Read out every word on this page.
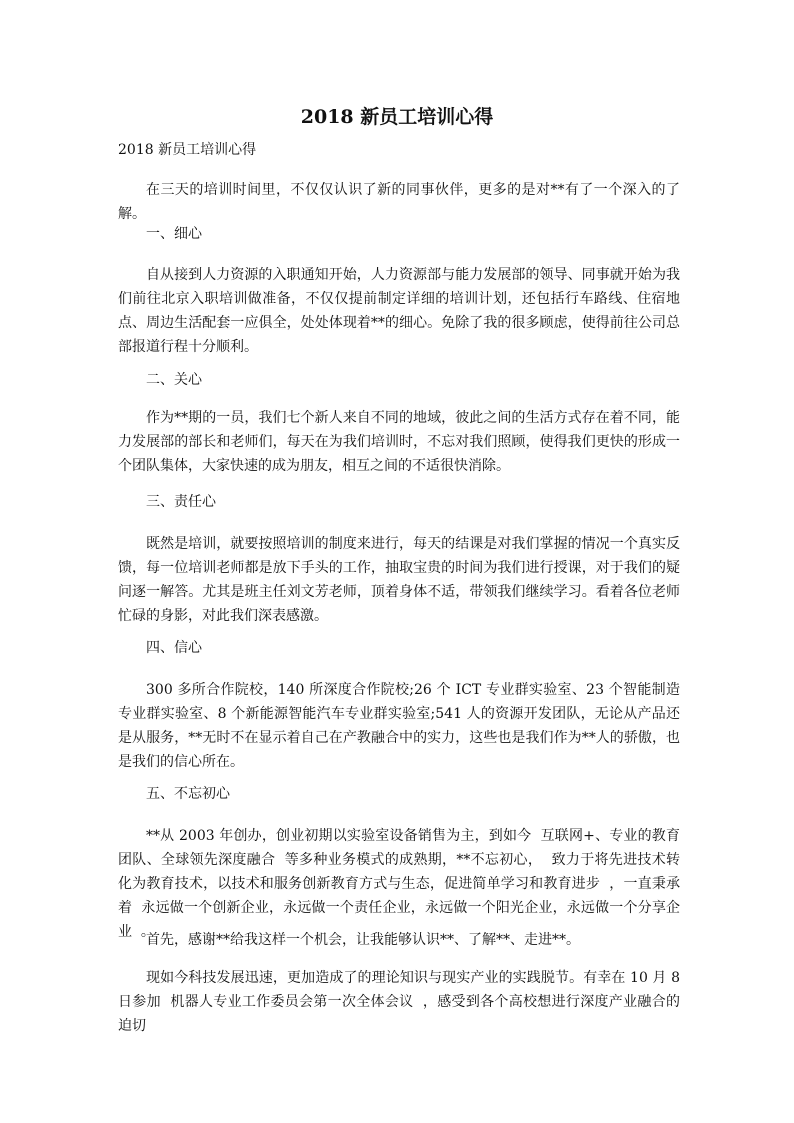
2018 新员工培训心得
2018 新员工培训心得

在三天的培训时间里，不仅仅认识了新的同事伙伴，更多的是对**有了一个深入的了解。

一、细心

自从接到人力资源的入职通知开始，人力资源部与能力发展部的领导、同事就开始为我们前往北京入职培训做准备，不仅仅提前制定详细的培训计划，还包括行车路线、住宿地点、周边生活配套一应俱全，处处体现着**的细心。免除了我的很多顾虑，使得前往公司总部报道行程十分顺利。

二、关心

作为**期的一员，我们七个新人来自不同的地域，彼此之间的生活方式存在着不同，能力发展部的部长和老师们，每天在为我们培训时，不忘对我们照顾，使得我们更快的形成一个团队集体，大家快速的成为朋友，相互之间的不适很快消除。

三、责任心

既然是培训，就要按照培训的制度来进行，每天的结课是对我们掌握的情况一个真实反馈，每一位培训老师都是放下手头的工作，抽取宝贵的时间为我们进行授课，对于我们的疑问逐一解答。尤其是班主任刘文芳老师，顶着身体不适，带领我们继续学习。看着各位老师忙碌的身影，对此我们深表感激。

四、信心

300 多所合作院校，140 所深度合作院校;26 个 ICT 专业群实验室、23 个智能制造专业群实验室、8 个新能源智能汽车专业群实验室;541 人的资源开发团队，无论从产品还是从服务，**无时不在显示着自己在产教融合中的实力，这些也是我们作为**人的骄傲，也是我们的信心所在。

五、不忘初心

**从 2003 年创办，创业初期以实验室设备销售为主，到如今  互联网+、专业的教育团队、全球领先深度融合  等多种业务模式的成熟期，**不忘初心，  致力于将先进技术转化为教育技术，以技术和服务创新教育方式与生态，促进简单学习和教育进步  ，一直秉承着  永远做一个创新企业，永远做一个责任企业，永远做一个阳光企业，永远做一个分享企业  。

首先，感谢**给我这样一个机会，让我能够认识**、了解**、走进**。

现如今科技发展迅速，更加造成了的理论知识与现实产业的实践脱节。有幸在 10 月 8 日参加  机器人专业工作委员会第一次全体会议  ，感受到各个高校想进行深度产业融合的迫切
